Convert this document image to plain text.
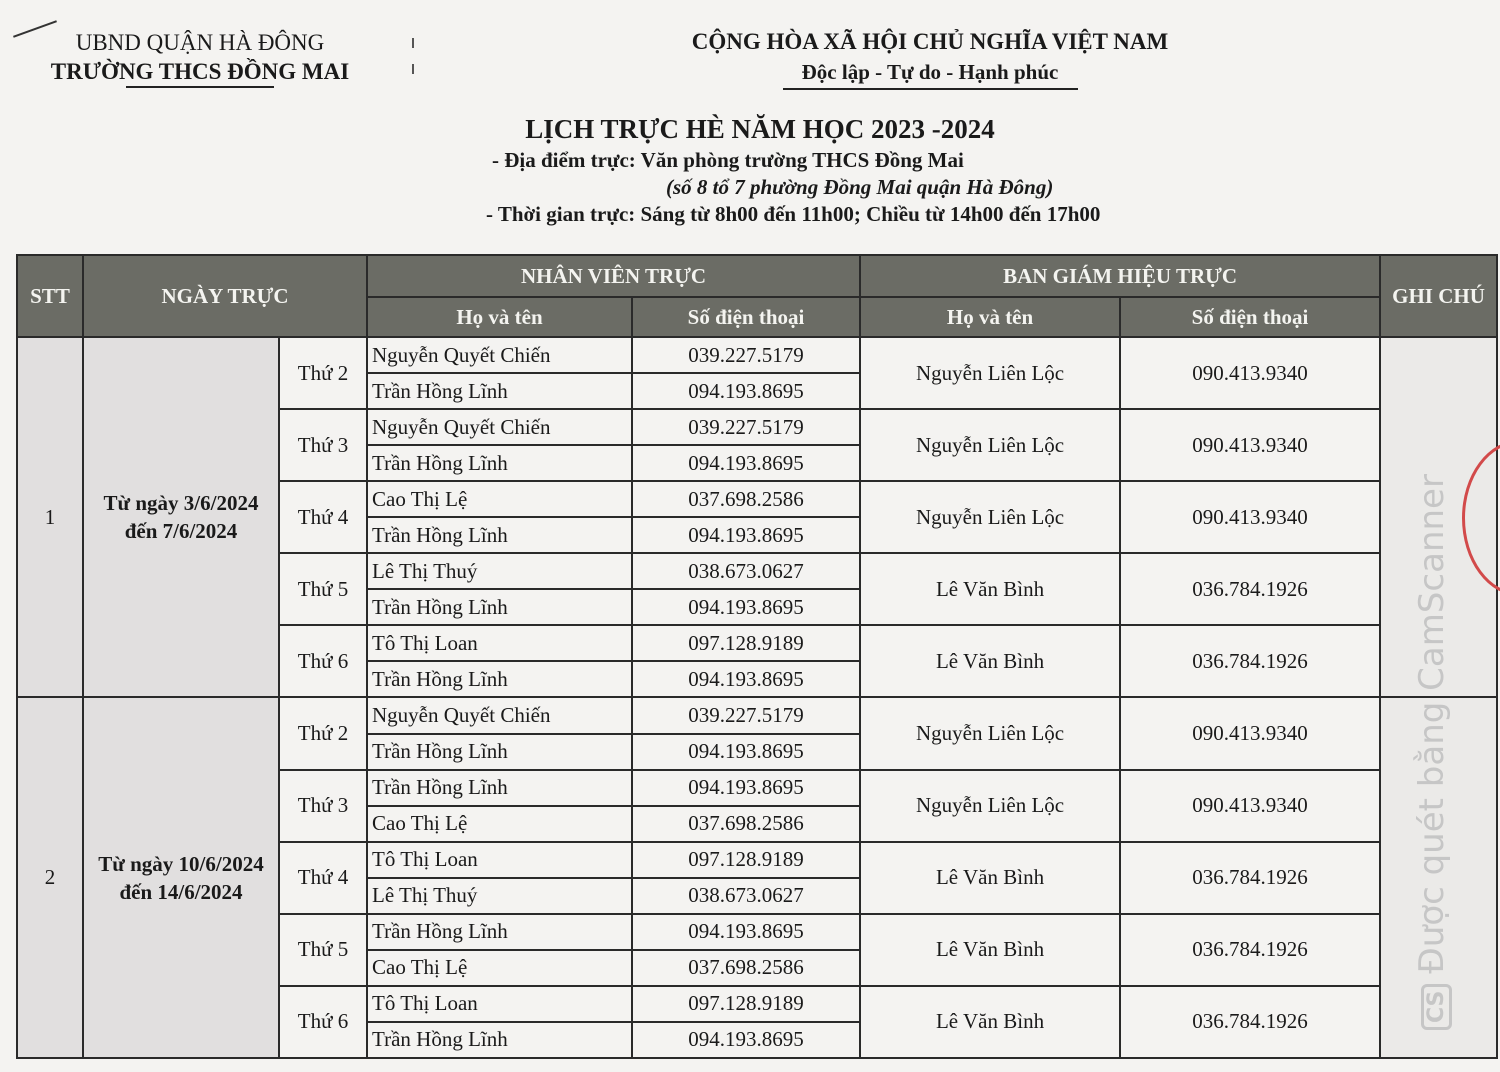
UBND QUẬN HÀ ĐÔNG
TRƯỜNG THCS ĐỒNG MAI
CỘNG HÒA XÃ HỘI CHỦ NGHĨA VIỆT NAM
Độc lập - Tự do - Hạnh phúc
LỊCH TRỰC HÈ NĂM HỌC 2023 -2024
- Địa điểm trực: Văn phòng trường THCS Đồng Mai
(số 8 tổ 7 phường Đồng Mai quận Hà Đông)
- Thời gian trực: Sáng từ 8h00 đến 11h00; Chiều từ 14h00 đến 17h00
STT	NGÀY TRỰC		NHÂN VIÊN TRỰC		BAN GIÁM HIỆU TRỰC		GHI CHÚ
			Họ và tên	Số điện thoại	Họ và tên	Số điện thoại	
1	Từ ngày 3/6/2024 đến 7/6/2024	Thứ 2	Nguyễn Quyết Chiến	039.227.5179	Nguyễn Liên Lộc	090.413.9340	
			Trần Hồng Lĩnh	094.193.8695			
		Thứ 3	Nguyễn Quyết Chiến	039.227.5179	Nguyễn Liên Lộc	090.413.9340	
			Trần Hồng Lĩnh	094.193.8695			
		Thứ 4	Cao Thị Lệ	037.698.2586	Nguyễn Liên Lộc	090.413.9340	
			Trần Hồng Lĩnh	094.193.8695			
		Thứ 5	Lê Thị Thuý	038.673.0627	Lê Văn Bình	036.784.1926	
			Trần Hồng Lĩnh	094.193.8695			
		Thứ 6	Tô Thị Loan	097.128.9189	Lê Văn Bình	036.784.1926	
			Trần Hồng Lĩnh	094.193.8695			
2	Từ ngày 10/6/2024 đến 14/6/2024	Thứ 2	Nguyễn Quyết Chiến	039.227.5179	Nguyễn Liên Lộc	090.413.9340	
			Trần Hồng Lĩnh	094.193.8695			
		Thứ 3	Trần Hồng Lĩnh	094.193.8695	Nguyễn Liên Lộc	090.413.9340	
			Cao Thị Lệ	037.698.2586			
		Thứ 4	Tô Thị Loan	097.128.9189	Lê Văn Bình	036.784.1926	
			Lê Thị Thuý	038.673.0627			
		Thứ 5	Trần Hồng Lĩnh	094.193.8695	Lê Văn Bình	036.784.1926	
			Cao Thị Lệ	037.698.2586			
		Thứ 6	Tô Thị Loan	097.128.9189	Lê Văn Bình	036.784.1926	
			Trần Hồng Lĩnh	094.193.8695			
CSĐược quét bằng CamScanner
